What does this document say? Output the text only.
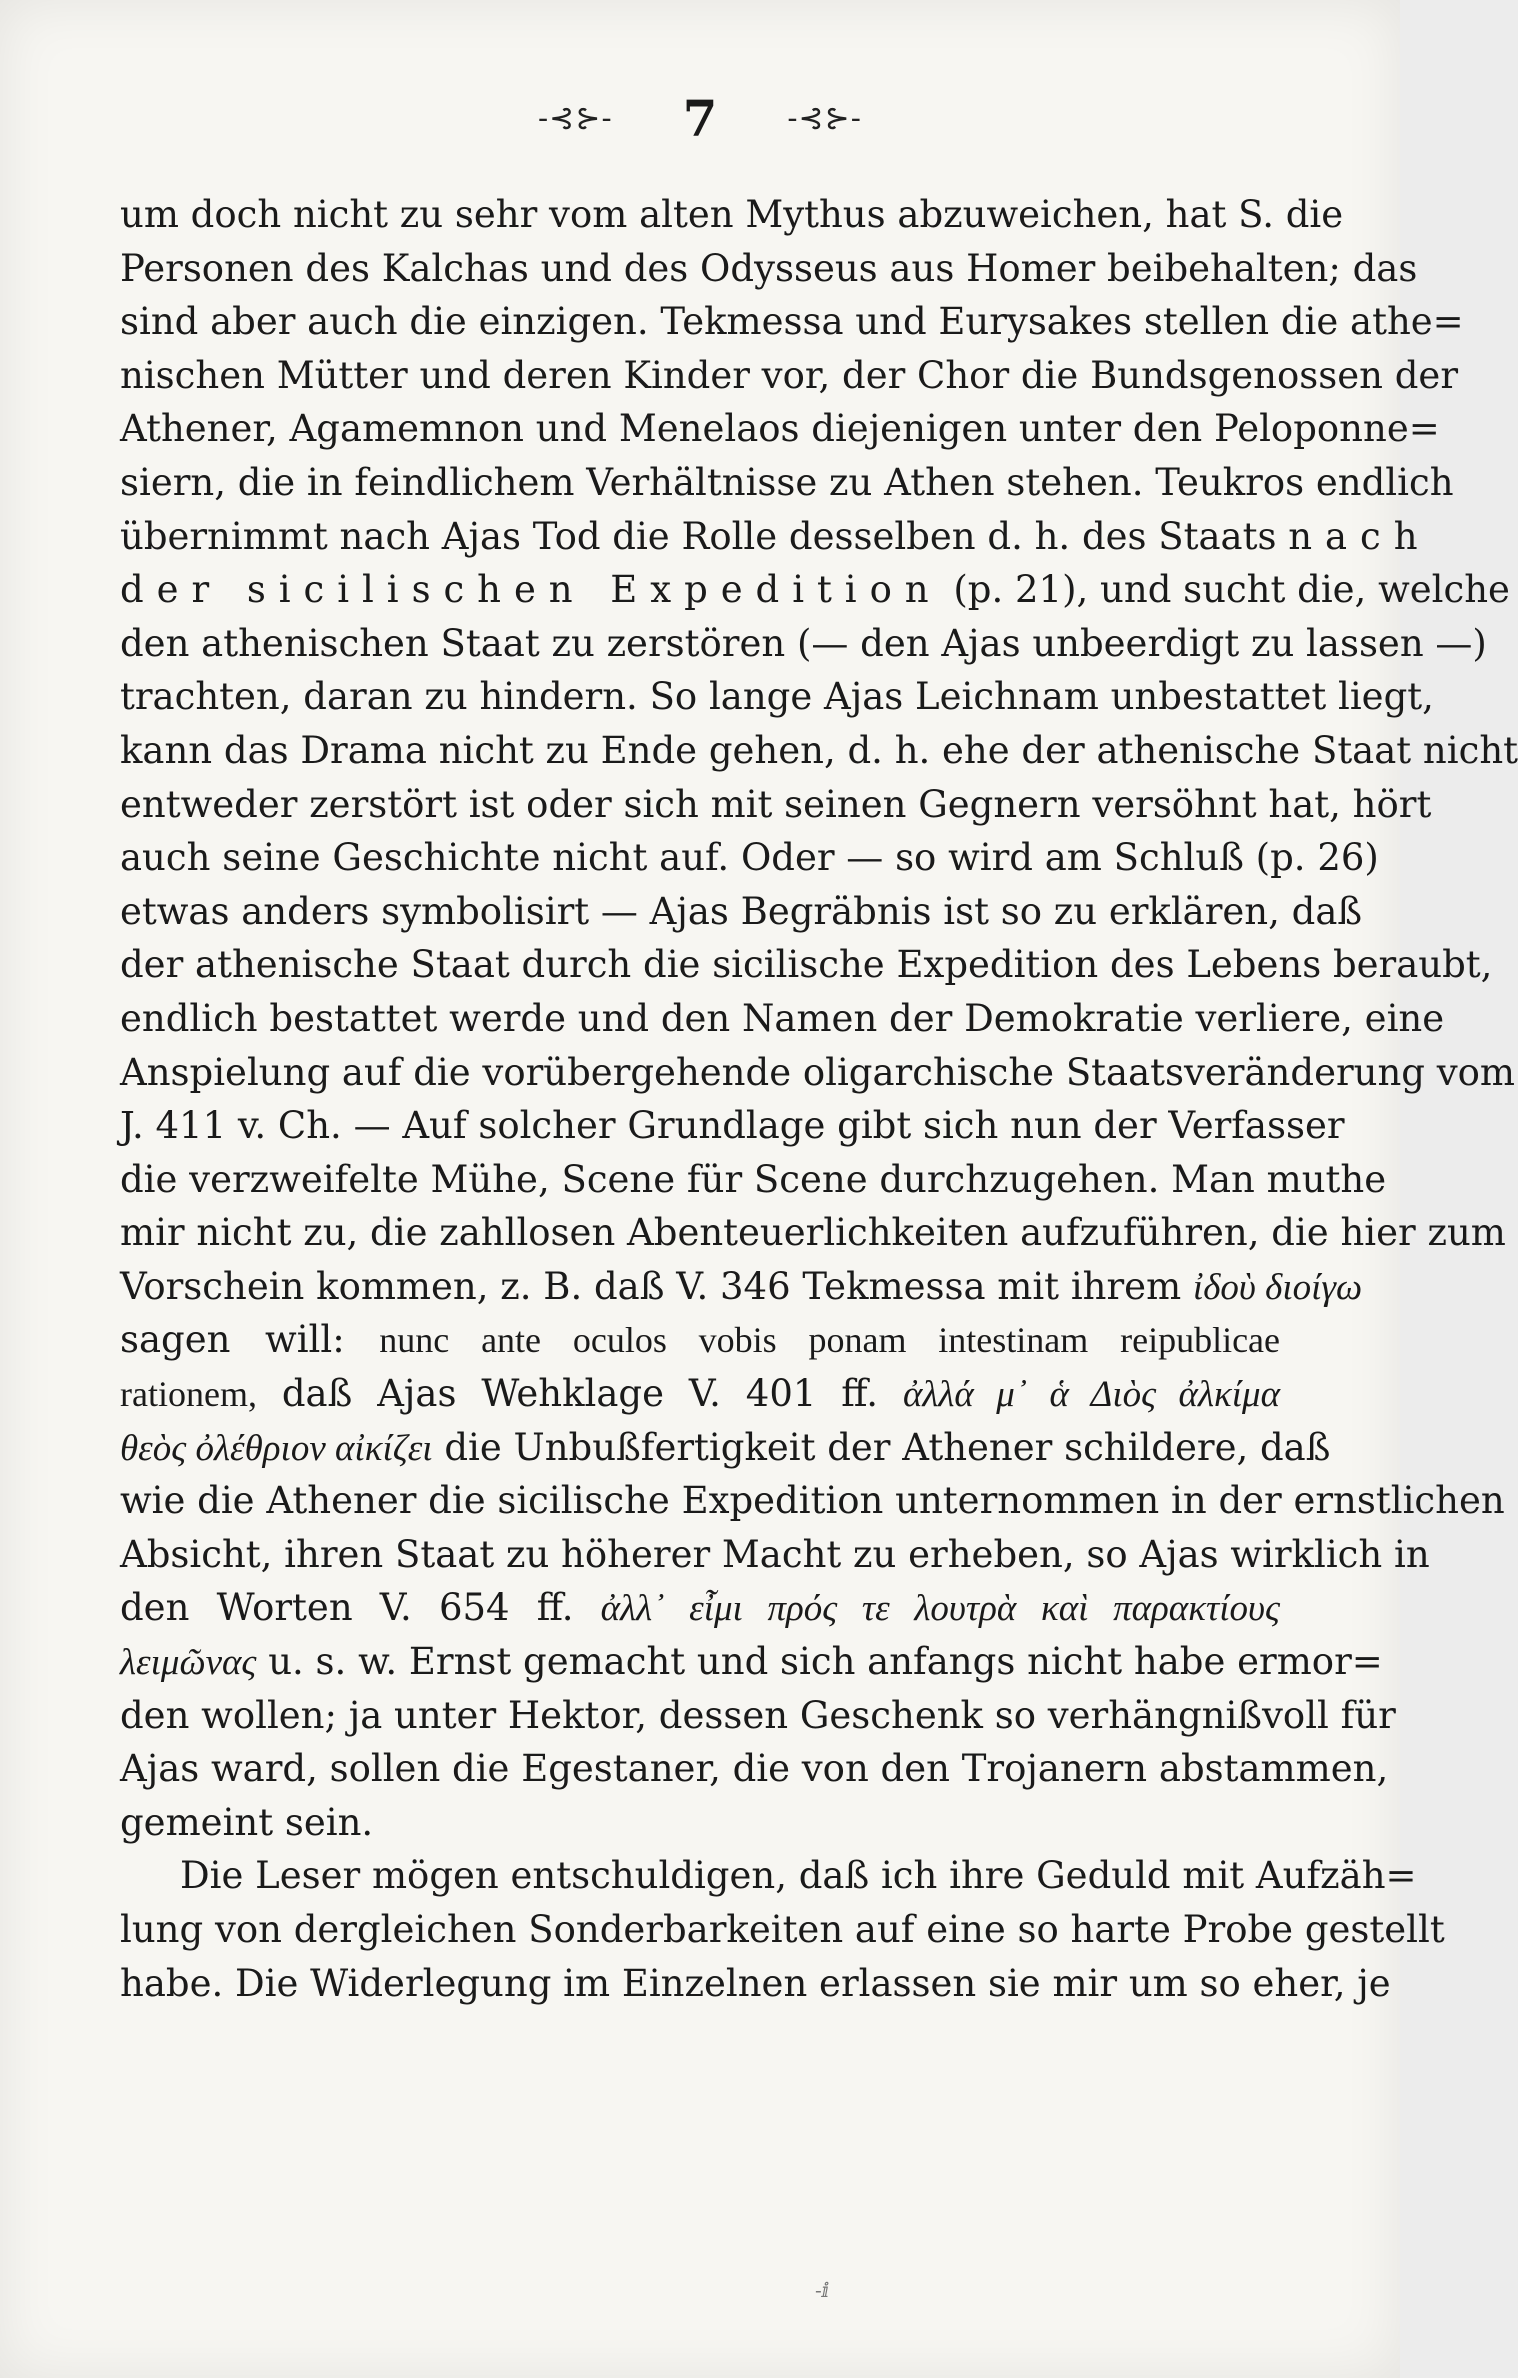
-⊰⊱- 7 -⊰⊱-
um doch nicht zu sehr vom alten Mythus abzuweichen, hat S. die
Personen des Kalchas und des Odysseus aus Homer beibehalten; das
sind aber auch die einzigen. Tekmessa und Eurysakes stellen die athe=
nischen Mütter und deren Kinder vor, der Chor die Bundsgenossen der
Athener, Agamemnon und Menelaos diejenigen unter den Peloponne=
siern, die in feindlichem Verhältnisse zu Athen stehen. Teukros endlich
übernimmt nach Ajas Tod die Rolle desselben d. h. des Staats nach
der sicilischen Expedition (p. 21), und sucht die, welche
den athenischen Staat zu zerstören (— den Ajas unbeerdigt zu lassen —)
trachten, daran zu hindern. So lange Ajas Leichnam unbestattet liegt,
kann das Drama nicht zu Ende gehen, d. h. ehe der athenische Staat nicht
entweder zerstört ist oder sich mit seinen Gegnern versöhnt hat, hört
auch seine Geschichte nicht auf. Oder — so wird am Schluß (p. 26)
etwas anders symbolisirt — Ajas Begräbnis ist so zu erklären, daß
der athenische Staat durch die sicilische Expedition des Lebens beraubt,
endlich bestattet werde und den Namen der Demokratie verliere, eine
Anspielung auf die vorübergehende oligarchische Staatsveränderung vom
J. 411 v. Ch. — Auf solcher Grundlage gibt sich nun der Verfasser
die verzweifelte Mühe, Scene für Scene durchzugehen. Man muthe
mir nicht zu, die zahllosen Abenteuerlichkeiten aufzuführen, die hier zum
Vorschein kommen, z. B. daß V. 346 Tekmessa mit ihrem ἰδοὺ διοίγω
sagen will: nunc ante oculos vobis ponam intestinam reipublicae
rationem, daß Ajas Wehklage V. 401 ff. ἀλλά μ᾽ ἁ Διὸς ἀλκίμα
θεὸς ὀλέθριον αἰκίζει die Unbußfertigkeit der Athener schildere, daß
wie die Athener die sicilische Expedition unternommen in der ernstlichen
Absicht, ihren Staat zu höherer Macht zu erheben, so Ajas wirklich in
den Worten V. 654 ff. ἀλλ᾽ εἶμι πρός τε λουτρὰ καὶ παρακτίους
λειμῶνας u. s. w. Ernst gemacht und sich anfangs nicht habe ermor=
den wollen; ja unter Hektor, dessen Geschenk so verhängnißvoll für
Ajas ward, sollen die Egestaner, die von den Trojanern abstammen,
gemeint sein.
Die Leser mögen entschuldigen, daß ich ihre Geduld mit Aufzäh=
lung von dergleichen Sonderbarkeiten auf eine so harte Probe gestellt
habe. Die Widerlegung im Einzelnen erlassen sie mir um so eher, je
-ⅈ
